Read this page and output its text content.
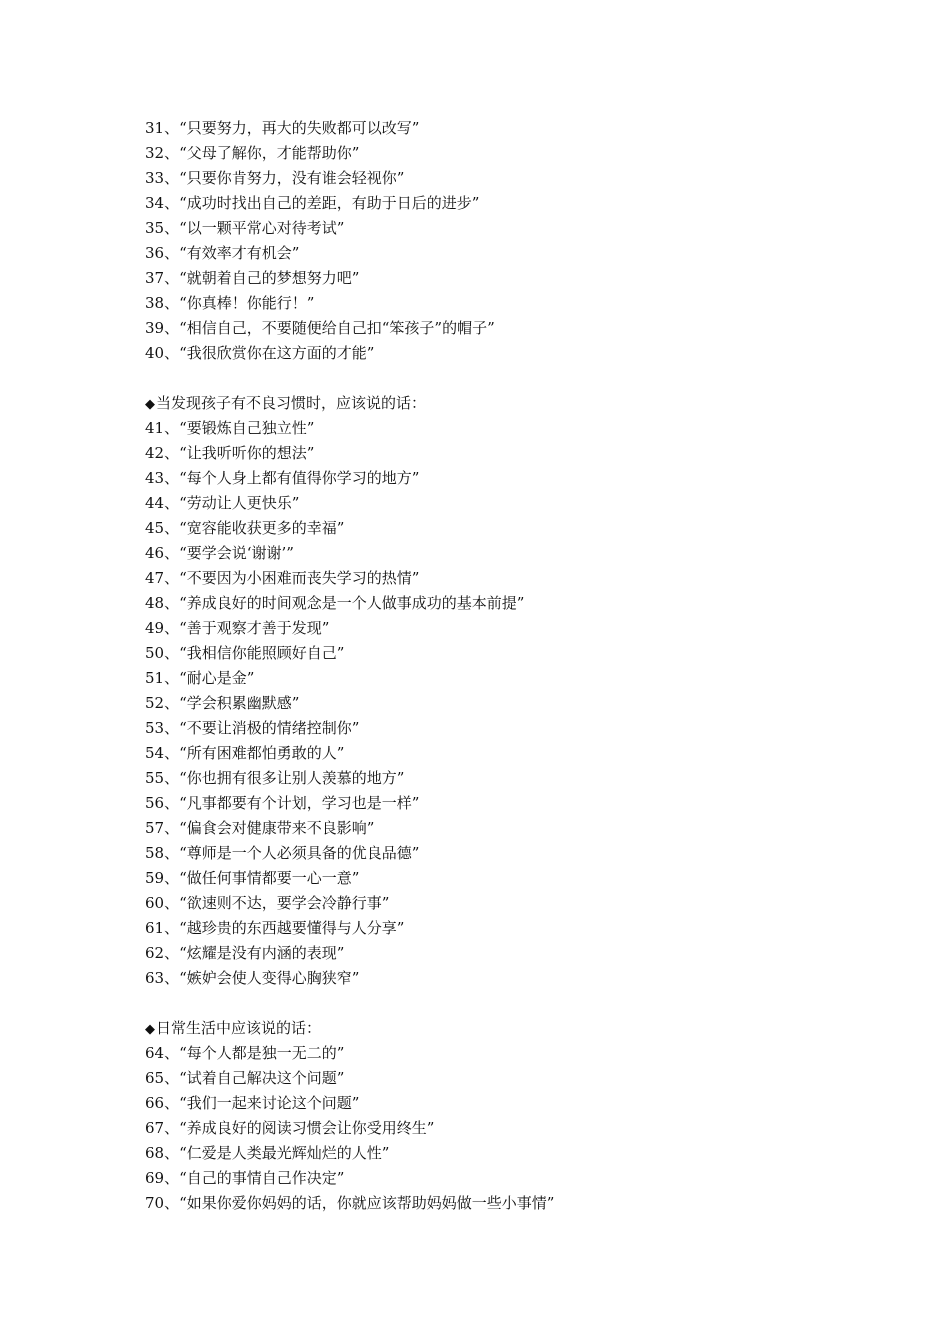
31、“只要努力，再大的失败都可以改写”
32、“父母了解你，才能帮助你”
33、“只要你肯努力，没有谁会轻视你”
34、“成功时找出自己的差距，有助于日后的进步”
35、“以一颗平常心对待考试”
36、“有效率才有机会”
37、“就朝着自己的梦想努力吧”
38、“你真棒！你能行！”
39、“相信自己，不要随便给自己扣“笨孩子”的帽子”
40、“我很欣赏你在这方面的才能”
◆当发现孩子有不良习惯时，应该说的话：
41、“要锻炼自己独立性”
42、“让我听听你的想法”
43、“每个人身上都有值得你学习的地方”
44、“劳动让人更快乐”
45、“宽容能收获更多的幸福”
46、“要学会说‘谢谢’”
47、“不要因为小困难而丧失学习的热情”
48、“养成良好的时间观念是一个人做事成功的基本前提”
49、“善于观察才善于发现”
50、“我相信你能照顾好自己”
51、“耐心是金”
52、“学会积累幽默感”
53、“不要让消极的情绪控制你”
54、“所有困难都怕勇敢的人”
55、“你也拥有很多让别人羡慕的地方”
56、“凡事都要有个计划，学习也是一样”
57、“偏食会对健康带来不良影响”
58、“尊师是一个人必须具备的优良品德”
59、“做任何事情都要一心一意”
60、“欲速则不达，要学会冷静行事”
61、“越珍贵的东西越要懂得与人分享”
62、“炫耀是没有内涵的表现”
63、“嫉妒会使人变得心胸狭窄”
◆日常生活中应该说的话：
64、“每个人都是独一无二的”
65、“试着自己解决这个问题”
66、“我们一起来讨论这个问题”
67、“养成良好的阅读习惯会让你受用终生”
68、“仁爱是人类最光辉灿烂的人性”
69、“自己的事情自己作决定”
70、“如果你爱你妈妈的话，你就应该帮助妈妈做一些小事情”
